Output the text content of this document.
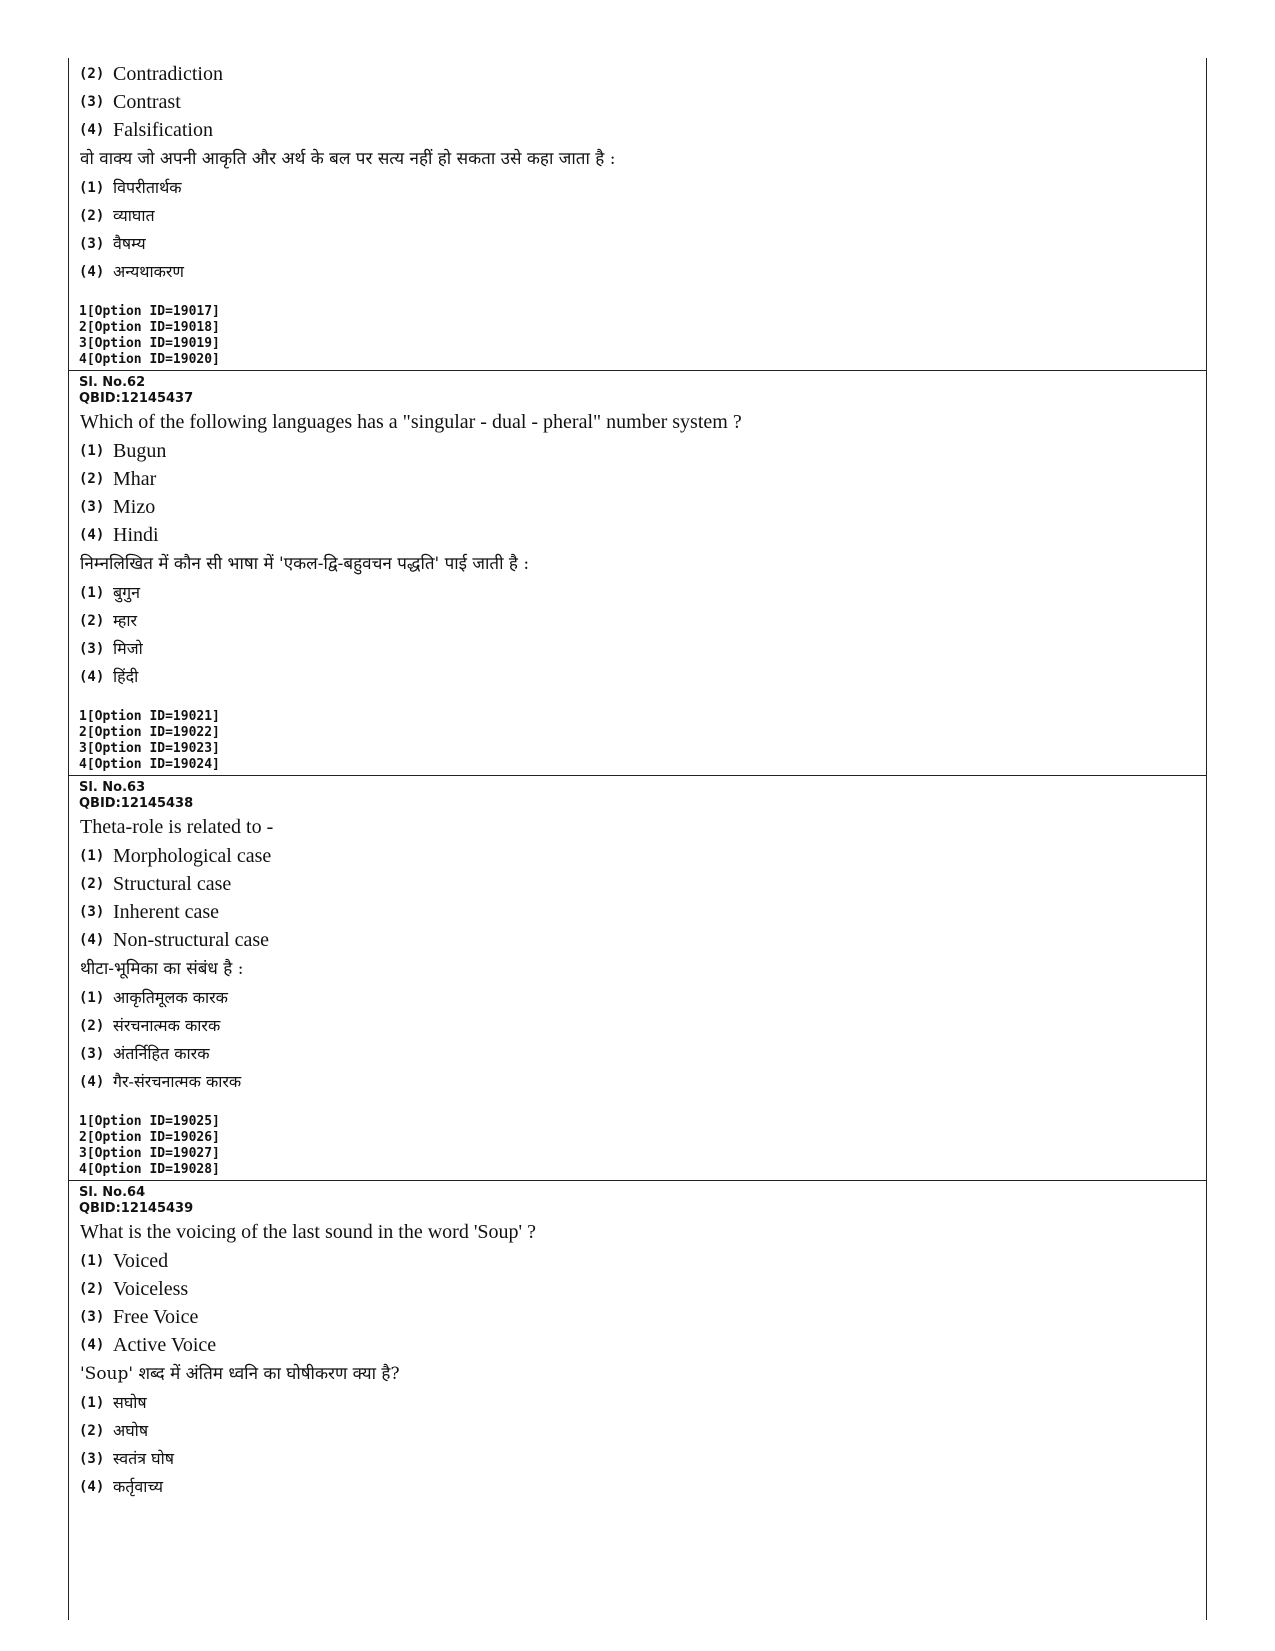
(2) Contradiction
(3) Contrast
(4) Falsification
वो वाक्य जो अपनी आकृति और अर्थ के बल पर सत्य नहीं हो सकता उसे कहा जाता है :
(1) विपरीतार्थक
(2) व्याघात
(3) वैषम्य
(4) अन्यथाकरण
1[Option ID=19017]
2[Option ID=19018]
3[Option ID=19019]
4[Option ID=19020]
Sl. No.62
QBID:12145437
Which of the following languages has a "singular - dual - pheral" number system ?
(1) Bugun
(2) Mhar
(3) Mizo
(4) Hindi
निम्नलिखित में कौन सी भाषा में 'एकल-द्वि-बहुवचन पद्धति' पाई जाती है :
(1) बुगुन
(2) म्हार
(3) मिजो
(4) हिंदी
1[Option ID=19021]
2[Option ID=19022]
3[Option ID=19023]
4[Option ID=19024]
Sl. No.63
QBID:12145438
Theta-role is related to -
(1) Morphological case
(2) Structural case
(3) Inherent case
(4) Non-structural case
थीटा-भूमिका का संबंध है :
(1) आकृतिमूलक कारक
(2) संरचनात्मक कारक
(3) अंतर्निहित कारक
(4) गैर-संरचनात्मक कारक
1[Option ID=19025]
2[Option ID=19026]
3[Option ID=19027]
4[Option ID=19028]
Sl. No.64
QBID:12145439
What is the voicing of the last sound in the word 'Soup' ?
(1) Voiced
(2) Voiceless
(3) Free Voice
(4) Active Voice
'Soup' शब्द में अंतिम ध्वनि का घोषीकरण क्या है?
(1) सघोष
(2) अघोष
(3) स्वतंत्र घोष
(4) कर्तृवाच्य
